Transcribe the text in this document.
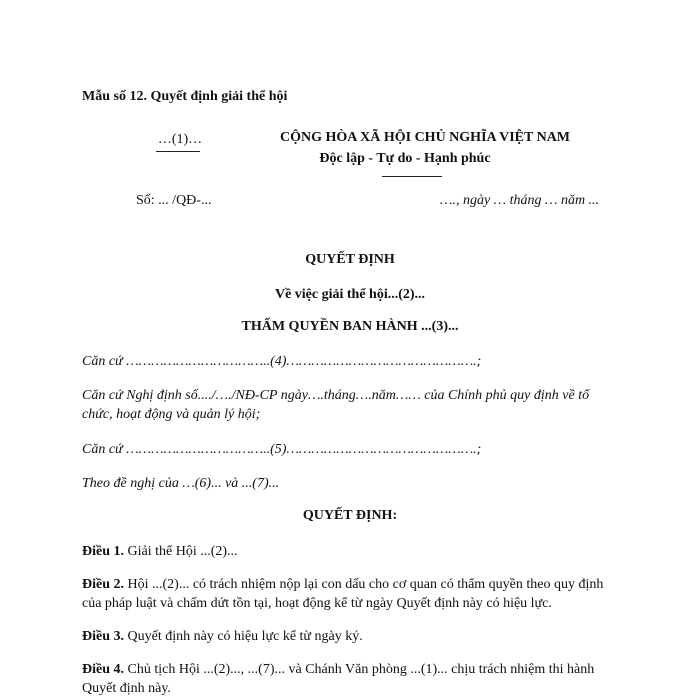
Mẫu số 12. Quyết định giải thể hội
…(1)…	CỘNG HÒA XÃ HỘI CHỦ NGHĨA VIỆT NAM
Độc lập - Tự do - Hạnh phúc
Số: ... /QĐ-...	…., ngày … tháng … năm ...
QUYẾT ĐỊNH
Về việc giải thể hội...(2)...
THẨM QUYỀN BAN HÀNH ...(3)...
Căn cứ ……………………………..(4)……………………………………….;
Căn cứ Nghị định số..../…./NĐ-CP ngày….tháng….năm…… của Chính phủ quy định về tổ chức, hoạt động và quản lý hội;
Căn cứ ……………………………..(5)……………………………………….;
Theo đề nghị của …(6)... và ...(7)...
QUYẾT ĐỊNH:
Điều 1. Giải thể Hội ...(2)...
Điều 2. Hội ...(2)... có trách nhiệm nộp lại con dấu cho cơ quan có thẩm quyền theo quy định của pháp luật và chấm dứt tồn tại, hoạt động kể từ ngày Quyết định này có hiệu lực.
Điều 3. Quyết định này có hiệu lực kể từ ngày ký.
Điều 4. Chủ tịch Hội ...(2)..., ...(7)... và Chánh Văn phòng ...(1)... chịu trách nhiệm thi hành Quyết định này.
